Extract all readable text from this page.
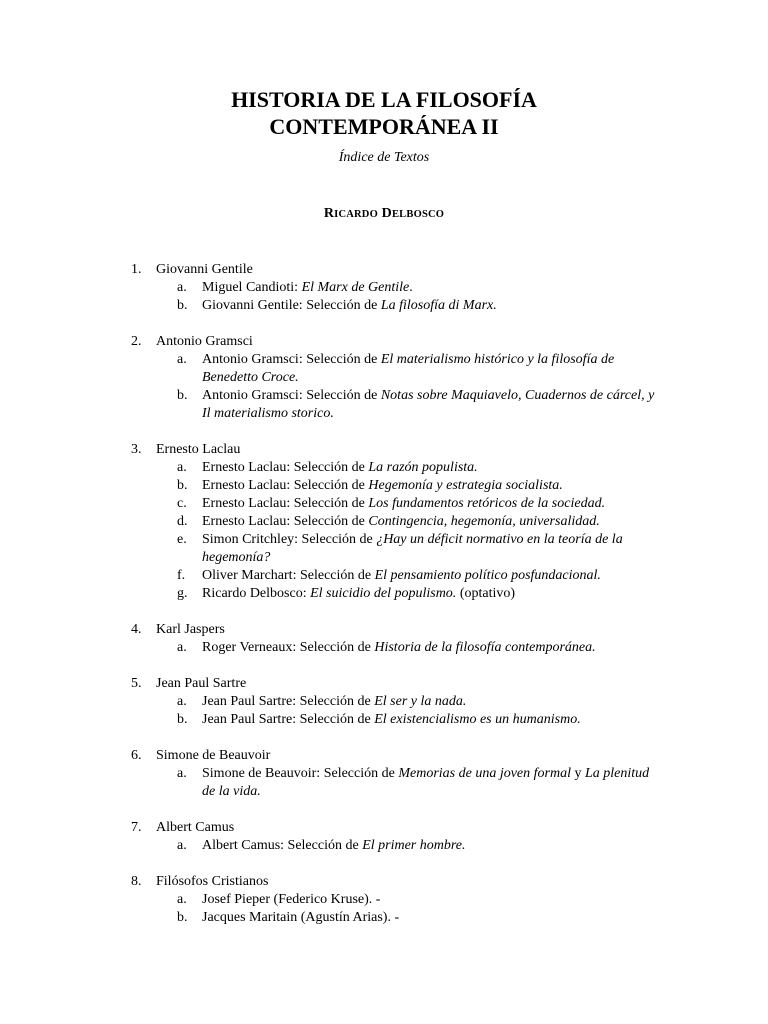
HISTORIA DE LA FILOSOFÍA
CONTEMPORÁNEA II
Índice de Textos
RICARDO DELBOSCO
1. Giovanni Gentile
a. Miguel Candioti: El Marx de Gentile.
b. Giovanni Gentile: Selección de La filosofía di Marx.
2. Antonio Gramsci
a. Antonio Gramsci: Selección de El materialismo histórico y la filosofía de Benedetto Croce.
b. Antonio Gramsci: Selección de Notas sobre Maquiavelo, Cuadernos de cárcel, y Il materialismo storico.
3. Ernesto Laclau
a. Ernesto Laclau: Selección de La razón populista.
b. Ernesto Laclau: Selección de Hegemonía y estrategia socialista.
c. Ernesto Laclau: Selección de Los fundamentos retóricos de la sociedad.
d. Ernesto Laclau: Selección de Contingencia, hegemonía, universalidad.
e. Simon Critchley: Selección de ¿Hay un déficit normativo en la teoría de la hegemonía?
f. Oliver Marchart: Selección de El pensamiento político posfundacional.
g. Ricardo Delbosco: El suicidio del populismo. (optativo)
4. Karl Jaspers
a. Roger Verneaux: Selección de Historia de la filosofía contemporánea.
5. Jean Paul Sartre
a. Jean Paul Sartre: Selección de El ser y la nada.
b. Jean Paul Sartre: Selección de El existencialismo es un humanismo.
6. Simone de Beauvoir
a. Simone de Beauvoir: Selección de Memorias de una joven formal y La plenitud de la vida.
7. Albert Camus
a. Albert Camus: Selección de El primer hombre.
8. Filósofos Cristianos
a. Josef Pieper (Federico Kruse). -
b. Jacques Maritain (Agustín Arias). -
